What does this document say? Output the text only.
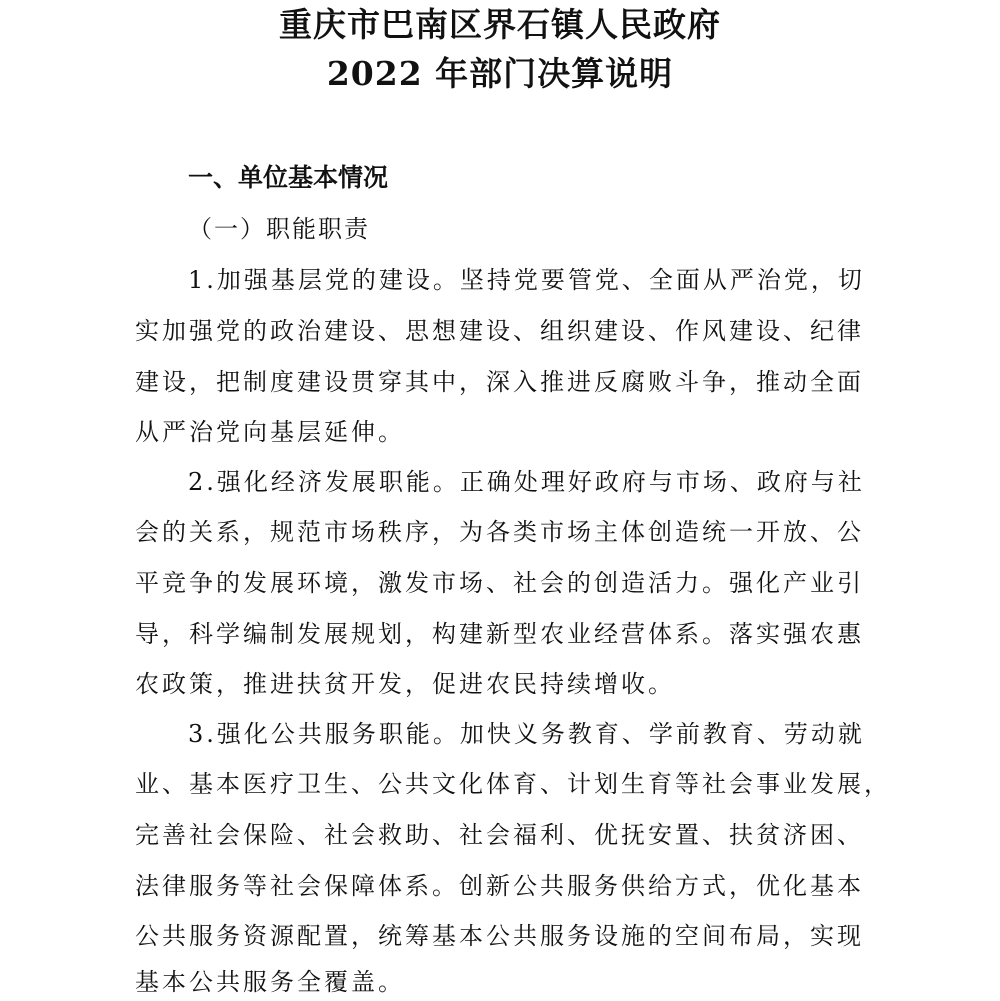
重庆市巴南区界石镇人民政府
2022 年部门决算说明
一、单位基本情况
（一）职能职责
1.加强基层党的建设。坚持党要管党、全面从严治党，切
实加强党的政治建设、思想建设、组织建设、作风建设、纪律
建设，把制度建设贯穿其中，深入推进反腐败斗争，推动全面
从严治党向基层延伸。
2.强化经济发展职能。正确处理好政府与市场、政府与社
会的关系，规范市场秩序，为各类市场主体创造统一开放、公
平竞争的发展环境，激发市场、社会的创造活力。强化产业引
导，科学编制发展规划，构建新型农业经营体系。落实强农惠
农政策，推进扶贫开发，促进农民持续增收。
3.强化公共服务职能。加快义务教育、学前教育、劳动就
业、基本医疗卫生、公共文化体育、计划生育等社会事业发展，
完善社会保险、社会救助、社会福利、优抚安置、扶贫济困、
法律服务等社会保障体系。创新公共服务供给方式，优化基本
公共服务资源配置，统筹基本公共服务设施的空间布局，实现
基本公共服务全覆盖。
